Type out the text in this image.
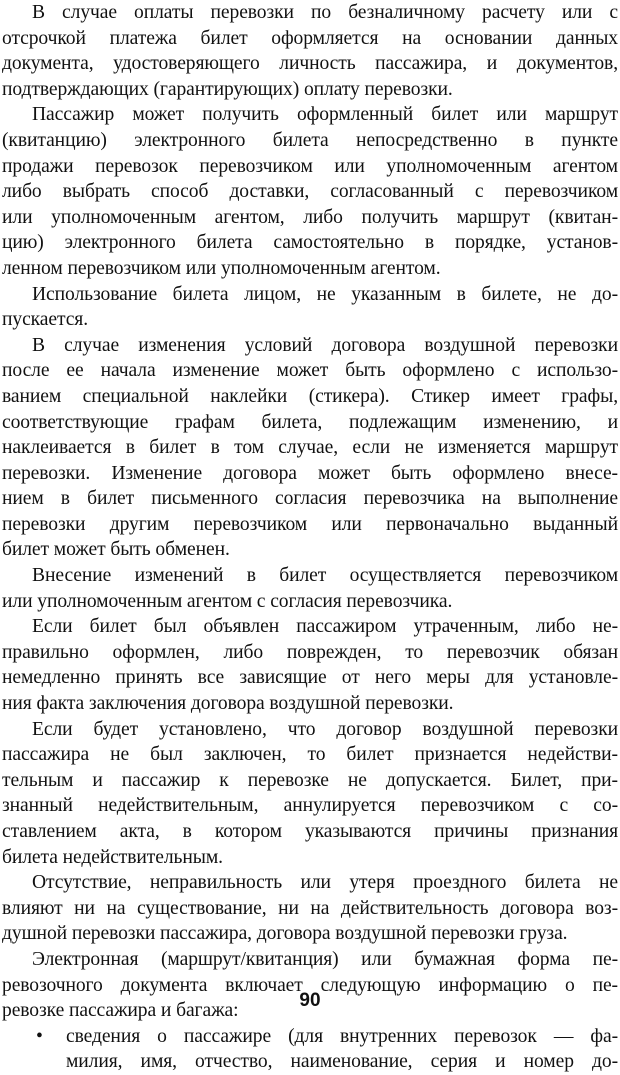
В случае оплаты перевозки по безналичному расчету или с
отсрочкой платежа билет оформляется на основании данных
документа, удостоверяющего личность пассажира, и документов,
подтверждающих (гарантирующих) оплату перевозки.
Пассажир может получить оформленный билет или маршрут
(квитанцию) электронного билета непосредственно в пункте
продажи перевозок перевозчиком или уполномоченным агентом
либо выбрать способ доставки, согласованный с перевозчиком
или уполномоченным агентом, либо получить маршрут (квитан-
цию) электронного билета самостоятельно в порядке, установ-
ленном перевозчиком или уполномоченным агентом.
Использование билета лицом, не указанным в билете, не до-
пускается.
В случае изменения условий договора воздушной перевозки
после ее начала изменение может быть оформлено с использо-
ванием специальной наклейки (стикера). Стикер имеет графы,
соответствующие графам билета, подлежащим изменению, и
наклеивается в билет в том случае, если не изменяется маршрут
перевозки. Изменение договора может быть оформлено внесе-
нием в билет письменного согласия перевозчика на выполнение
перевозки другим перевозчиком или первоначально выданный
билет может быть обменен.
Внесение изменений в билет осуществляется перевозчиком
или уполномоченным агентом с согласия перевозчика.
Если билет был объявлен пассажиром утраченным, либо не-
правильно оформлен, либо поврежден, то перевозчик обязан
немедленно принять все зависящие от него меры для установле-
ния факта заключения договора воздушной перевозки.
Если будет установлено, что договор воздушной перевозки
пассажира не был заключен, то билет признается недействи-
тельным и пассажир к перевозке не допускается. Билет, при-
знанный недействительным, аннулируется перевозчиком с со-
ставлением акта, в котором указываются причины признания
билета недействительным.
Отсутствие, неправильность или утеря проездного билета не
влияют ни на существование, ни на действительность договора воз-
душной перевозки пассажира, договора воздушной перевозки груза.
Электронная (маршрут/квитанция) или бумажная форма пе-
ревозочного документа включает следующую информацию о пе-
ревозке пассажира и багажа:
• сведения о пассажире (для внутренних перевозок — фа-
милия, имя, отчество, наименование, серия и номер до-
90
